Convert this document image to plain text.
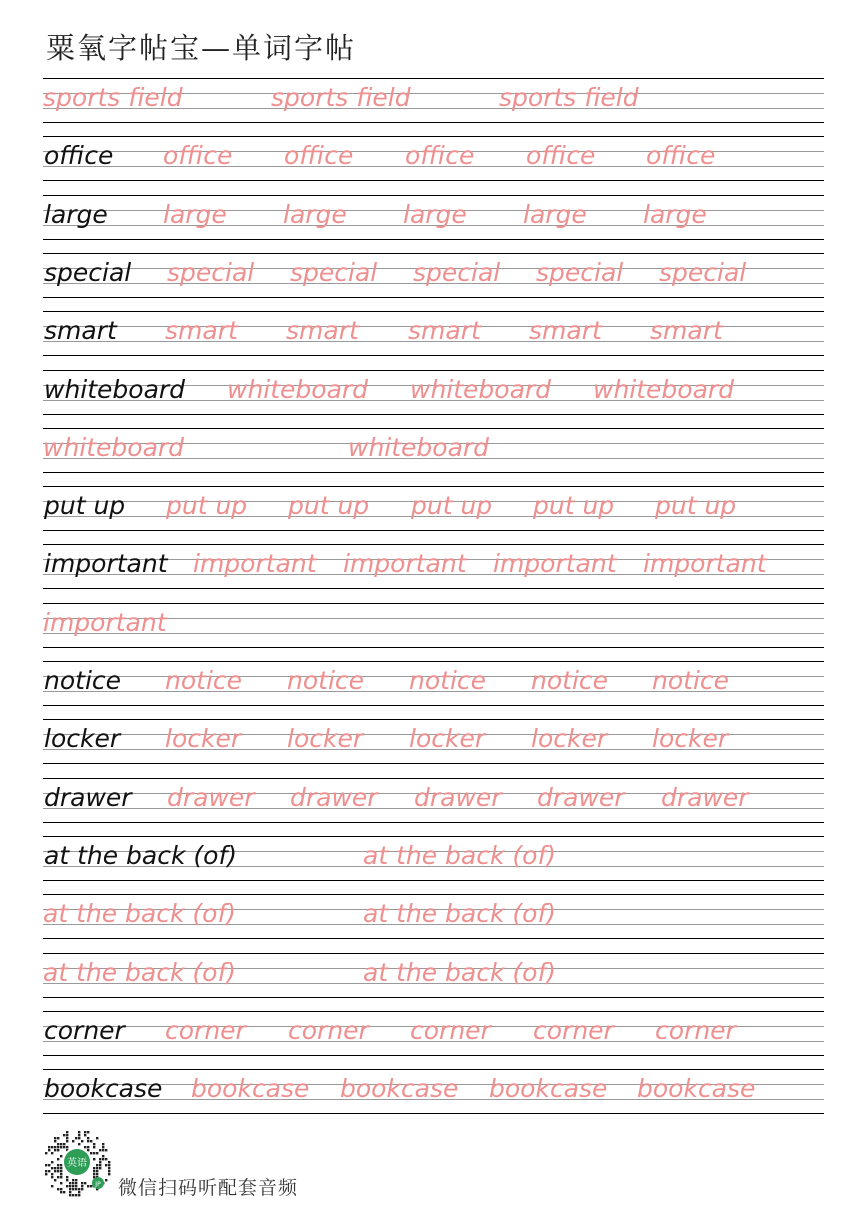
粟氧字帖宝—单词字帖
sports field	sports field	sports field
office office office office office office
large large large large large large
special special special special special special
smart smart smart smart smart smart
whiteboard whiteboard whiteboard whiteboard
whiteboard	whiteboard
put up put up put up put up put up put up
important important important important important
important
notice notice notice notice notice notice
locker locker locker locker locker locker
drawer drawer drawer drawer drawer drawer
at the back (of)	at the back (of)
at the back (of)	at the back (of)
at the back (of)	at the back (of)
corner corner corner corner corner corner
bookcase bookcase bookcase bookcase bookcase
英语
JP 微信扫码听配套音频
